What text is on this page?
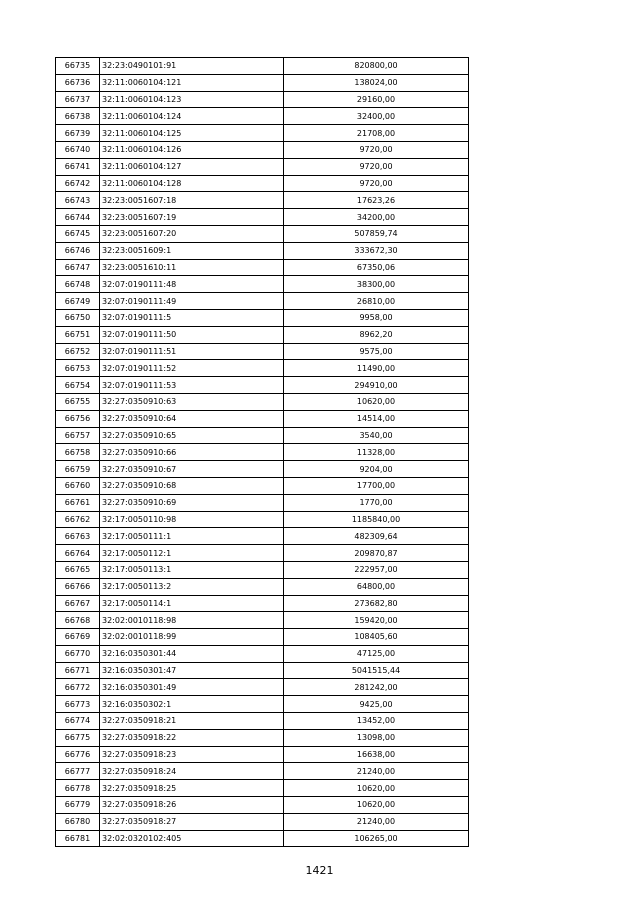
66735	32:23:0490101:91	820800,00
66736	32:11:0060104:121	138024,00
66737	32:11:0060104:123	29160,00
66738	32:11:0060104:124	32400,00
66739	32:11:0060104:125	21708,00
66740	32:11:0060104:126	9720,00
66741	32:11:0060104:127	9720,00
66742	32:11:0060104:128	9720,00
66743	32:23:0051607:18	17623,26
66744	32:23:0051607:19	34200,00
66745	32:23:0051607:20	507859,74
66746	32:23:0051609:1	333672,30
66747	32:23:0051610:11	67350,06
66748	32:07:0190111:48	38300,00
66749	32:07:0190111:49	26810,00
66750	32:07:0190111:5	9958,00
66751	32:07:0190111:50	8962,20
66752	32:07:0190111:51	9575,00
66753	32:07:0190111:52	11490,00
66754	32:07:0190111:53	294910,00
66755	32:27:0350910:63	10620,00
66756	32:27:0350910:64	14514,00
66757	32:27:0350910:65	3540,00
66758	32:27:0350910:66	11328,00
66759	32:27:0350910:67	9204,00
66760	32:27:0350910:68	17700,00
66761	32:27:0350910:69	1770,00
66762	32:17:0050110:98	1185840,00
66763	32:17:0050111:1	482309,64
66764	32:17:0050112:1	209870,87
66765	32:17:0050113:1	222957,00
66766	32:17:0050113:2	64800,00
66767	32:17:0050114:1	273682,80
66768	32:02:0010118:98	159420,00
66769	32:02:0010118:99	108405,60
66770	32:16:0350301:44	47125,00
66771	32:16:0350301:47	5041515,44
66772	32:16:0350301:49	281242,00
66773	32:16:0350302:1	9425,00
66774	32:27:0350918:21	13452,00
66775	32:27:0350918:22	13098,00
66776	32:27:0350918:23	16638,00
66777	32:27:0350918:24	21240,00
66778	32:27:0350918:25	10620,00
66779	32:27:0350918:26	10620,00
66780	32:27:0350918:27	21240,00
66781	32:02:0320102:405	106265,00
1421
